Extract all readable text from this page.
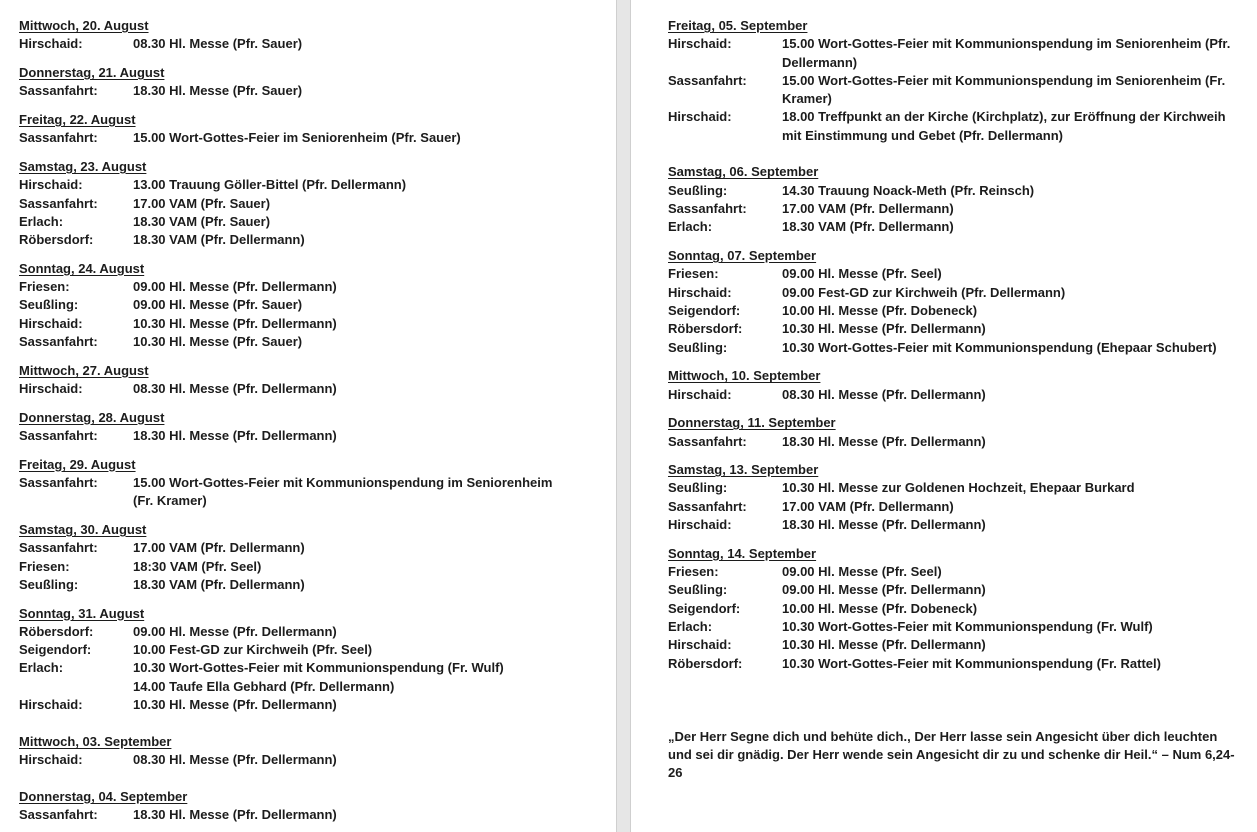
Mittwoch, 20. August
Hirschaid:	08.30 Hl. Messe (Pfr. Sauer)
Donnerstag, 21. August
Sassanfahrt:	18.30 Hl. Messe (Pfr. Sauer)
Freitag, 22. August
Sassanfahrt:	15.00 Wort-Gottes-Feier im Seniorenheim (Pfr. Sauer)
Samstag, 23. August
Hirschaid:	13.00 Trauung Göller-Bittel (Pfr. Dellermann)
Sassanfahrt:	17.00 VAM (Pfr. Sauer)
Erlach:	18.30 VAM (Pfr. Sauer)
Röbersdorf:	18.30 VAM (Pfr. Dellermann)
Sonntag, 24. August
Friesen:	09.00 Hl. Messe (Pfr. Dellermann)
Seußling:	09.00 Hl. Messe (Pfr. Sauer)
Hirschaid:	10.30 Hl. Messe (Pfr. Dellermann)
Sassanfahrt:	10.30 Hl. Messe (Pfr. Sauer)
Mittwoch, 27. August
Hirschaid:	08.30 Hl. Messe (Pfr. Dellermann)
Donnerstag, 28. August
Sassanfahrt:	18.30 Hl. Messe (Pfr. Dellermann)
Freitag, 29. August
Sassanfahrt:	15.00 Wort-Gottes-Feier mit Kommunionspendung im Seniorenheim (Fr. Kramer)
Samstag, 30. August
Sassanfahrt:	17.00 VAM (Pfr. Dellermann)
Friesen:	18:30 VAM (Pfr. Seel)
Seußling:	18.30 VAM (Pfr. Dellermann)
Sonntag, 31. August
Röbersdorf:	09.00 Hl. Messe (Pfr. Dellermann)
Seigendorf:	10.00 Fest-GD zur Kirchweih (Pfr. Seel)
Erlach:	10.30 Wort-Gottes-Feier mit Kommunionspendung (Fr. Wulf)
14.00 Taufe Ella Gebhard (Pfr. Dellermann)
Hirschaid:	10.30 Hl. Messe (Pfr. Dellermann)
Mittwoch, 03. September
Hirschaid:	08.30 Hl. Messe (Pfr. Dellermann)
Donnerstag, 04. September
Sassanfahrt:	18.30 Hl. Messe (Pfr. Dellermann)
Freitag, 05. September
Hirschaid:	15.00 Wort-Gottes-Feier mit Kommunionspendung im Seniorenheim (Pfr. Dellermann)
Sassanfahrt:	15.00 Wort-Gottes-Feier mit Kommunionspendung im Seniorenheim (Fr. Kramer)
Hirschaid:	18.00 Treffpunkt an der Kirche (Kirchplatz), zur Eröffnung der Kirchweih mit Einstimmung und Gebet (Pfr. Dellermann)
Samstag, 06. September
Seußling:	14.30 Trauung Noack-Meth (Pfr. Reinsch)
Sassanfahrt:	17.00 VAM (Pfr. Dellermann)
Erlach:	18.30 VAM (Pfr. Dellermann)
Sonntag, 07. September
Friesen:	09.00 Hl. Messe (Pfr. Seel)
Hirschaid:	09.00 Fest-GD zur Kirchweih (Pfr. Dellermann)
Seigendorf:	10.00 Hl. Messe (Pfr. Dobeneck)
Röbersdorf:	10.30 Hl. Messe (Pfr. Dellermann)
Seußling:	10.30 Wort-Gottes-Feier mit Kommunionspendung (Ehepaar Schubert)
Mittwoch, 10. September
Hirschaid:	08.30 Hl. Messe (Pfr. Dellermann)
Donnerstag, 11. September
Sassanfahrt:	18.30 Hl. Messe (Pfr. Dellermann)
Samstag, 13. September
Seußling:	10.30 Hl. Messe zur Goldenen Hochzeit, Ehepaar Burkard
Sassanfahrt:	17.00 VAM (Pfr. Dellermann)
Hirschaid:	18.30 Hl. Messe (Pfr. Dellermann)
Sonntag, 14. September
Friesen:	09.00 Hl. Messe (Pfr. Seel)
Seußling:	09.00 Hl. Messe (Pfr. Dellermann)
Seigendorf:	10.00 Hl. Messe (Pfr. Dobeneck)
Erlach:	10.30 Wort-Gottes-Feier mit Kommunionspendung (Fr. Wulf)
Hirschaid:	10.30 Hl. Messe (Pfr. Dellermann)
Röbersdorf:	10.30 Wort-Gottes-Feier mit Kommunionspendung (Fr. Rattel)
„Der Herr Segne dich und behüte dich., Der Herr lasse sein Angesicht über dich leuchten und sei dir gnädig. Der Herr wende sein Angesicht dir zu und schenke dir Heil.“ – Num 6,24-26
